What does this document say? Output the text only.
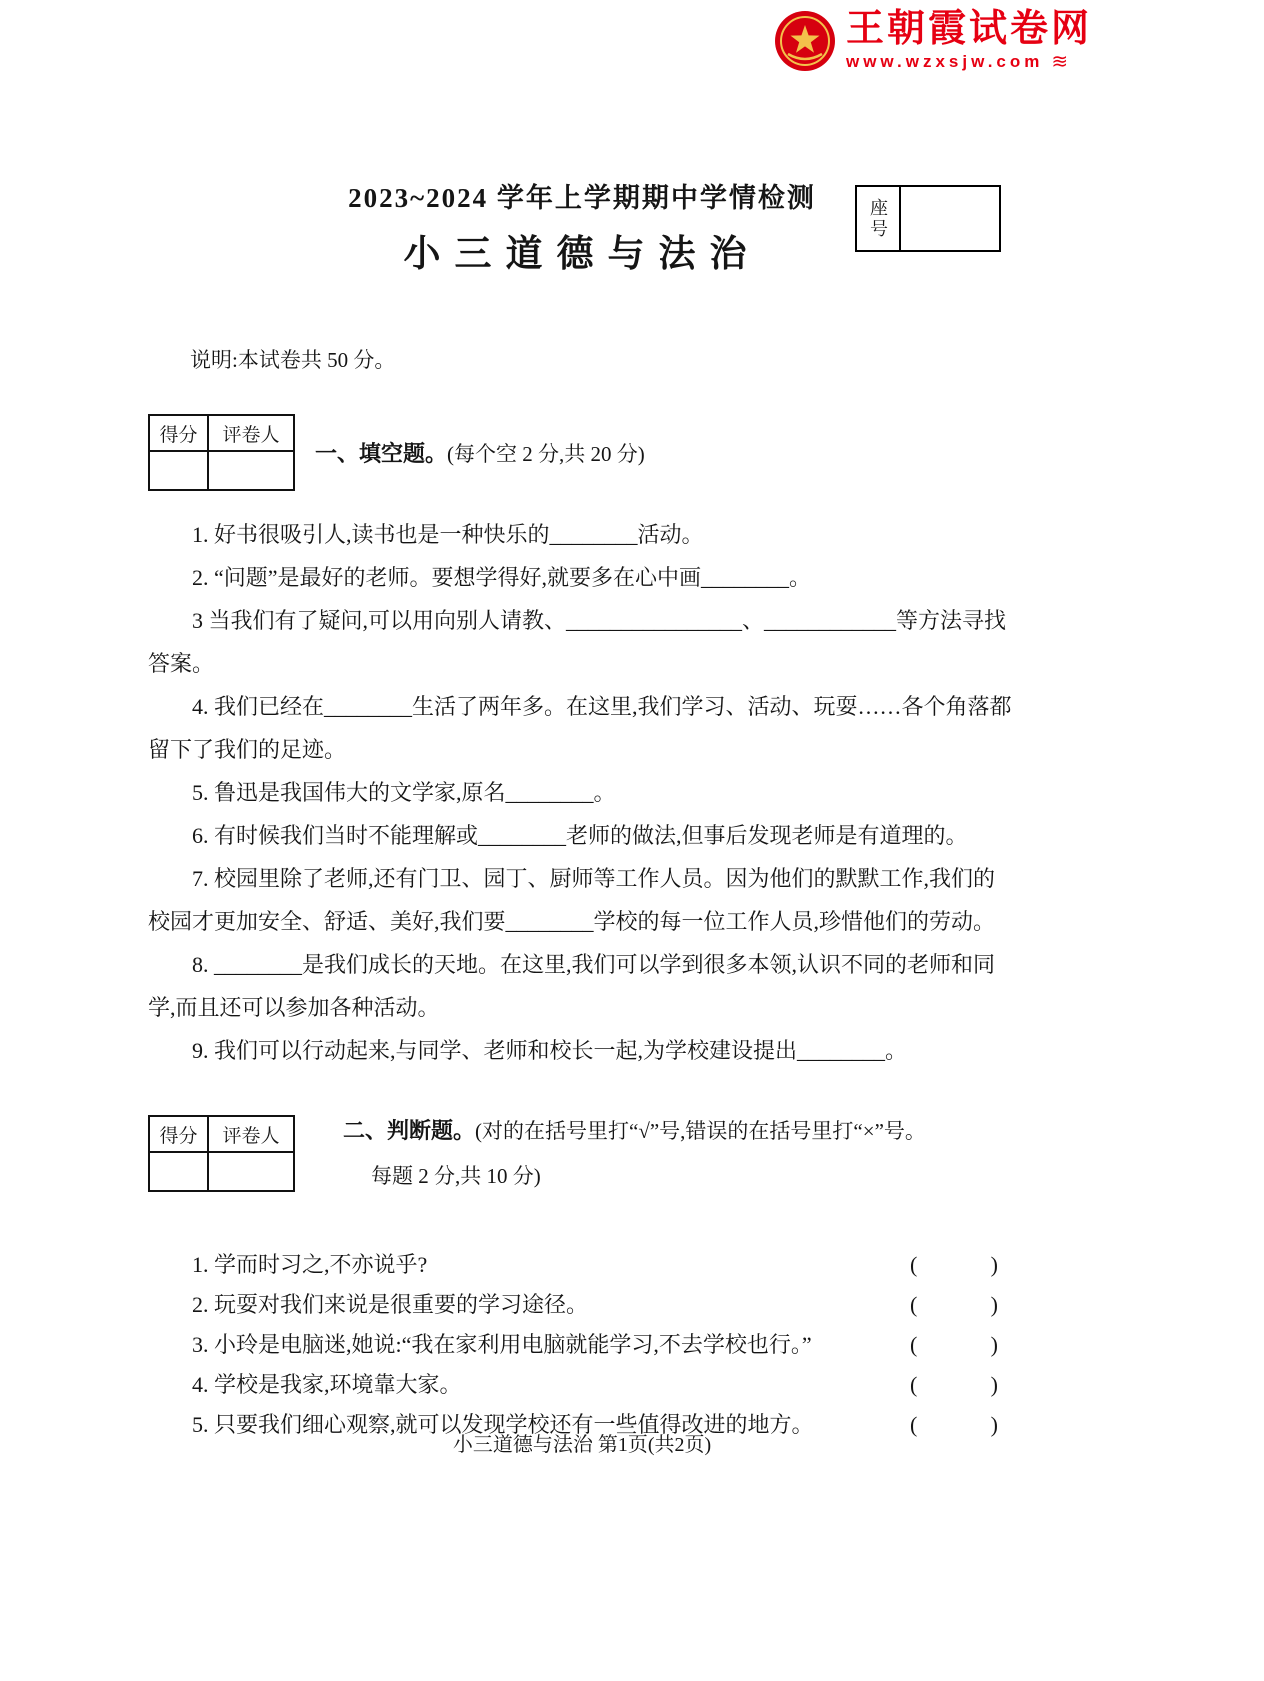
王朝霞试卷网
www.wzxsjw.com ≋
2023~2024 学年上学期期中学情检测
小三道德与法治
座号

说明:本试卷共 50 分。

得分	评卷人

一、填空题。(每个空 2 分,共 20 分)

1. 好书很吸引人,读书也是一种快乐的________活动。

2. “问题”是最好的老师。要想学得好,就要多在心中画________。

3 当我们有了疑问,可以用向别人请教、________________、____________等方法寻找答案。

4. 我们已经在________生活了两年多。在这里,我们学习、活动、玩耍……各个角落都留下了我们的足迹。

5. 鲁迅是我国伟大的文学家,原名________。

6. 有时候我们当时不能理解或________老师的做法,但事后发现老师是有道理的。

7. 校园里除了老师,还有门卫、园丁、厨师等工作人员。因为他们的默默工作,我们的校园才更加安全、舒适、美好,我们要________学校的每一位工作人员,珍惜他们的劳动。

8. ________是我们成长的天地。在这里,我们可以学到很多本领,认识不同的老师和同学,而且还可以参加各种活动。

9. 我们可以行动起来,与同学、老师和校长一起,为学校建设提出________。

得分	评卷人
		二、判断题。(对的在括号里打“√”号,错误的在括号里打“×”号。
每题 2 分,共 10 分)
1. 学而时习之,不亦说乎?	(	)
2. 玩耍对我们来说是很重要的学习途径。	(	)
3. 小玲是电脑迷,她说:“我在家利用电脑就能学习,不去学校也行。”	(	)
4. 学校是我家,环境靠大家。	(	)
5. 只要我们细心观察,就可以发现学校还有一些值得改进的地方。	(	)
小三道德与法治 第1页(共2页)
